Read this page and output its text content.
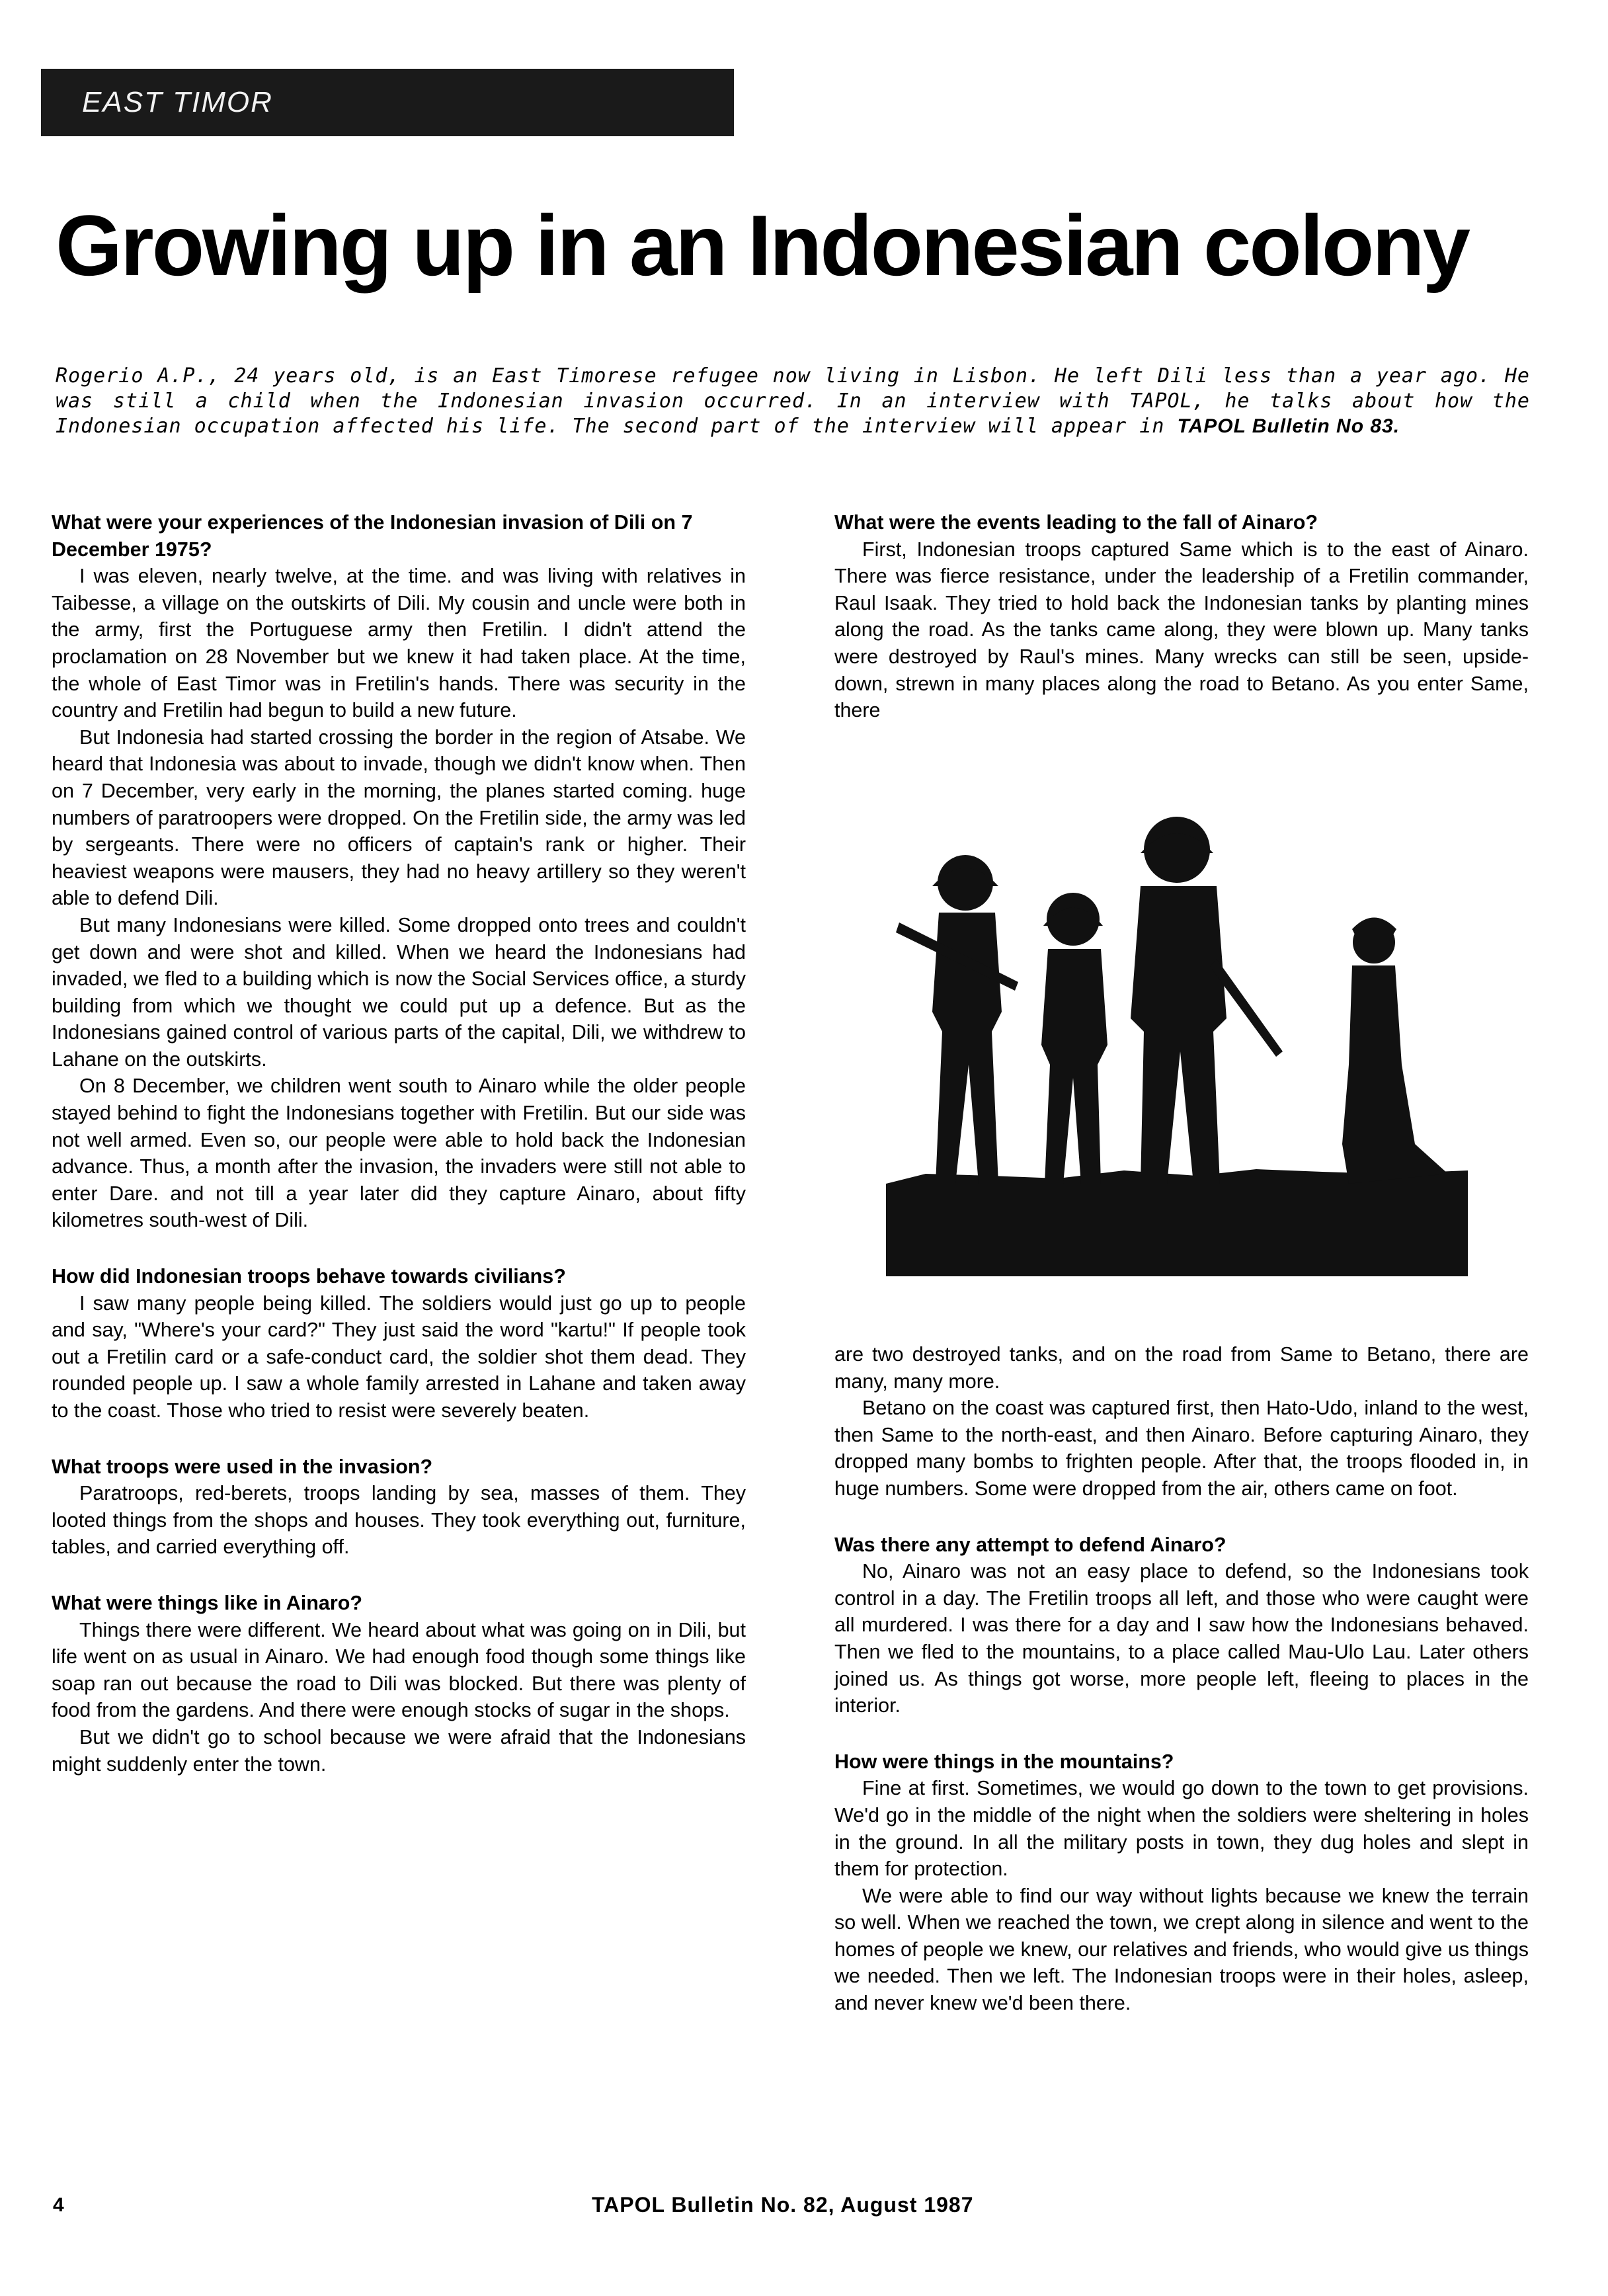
EAST TIMOR
Growing up in an Indonesian colony

Rogerio A.P., 24 years old, is an East Timorese refugee now living in Lisbon. He left Dili less than a year ago. He was still a child when the Indonesian invasion occurred. In an interview with TAPOL, he talks about how the Indonesian occupation affected his life. The second part of the interview will appear in TAPOL Bulletin No 83.

What were your experiences of the Indonesian invasion of Dili on 7 December 1975?

I was eleven, nearly twelve, at the time. and was living with relatives in Taibesse, a village on the outskirts of Dili. My cousin and uncle were both in the army, first the Portuguese army then Fretilin. I didn't attend the proclamation on 28 November but we knew it had taken place. At the time, the whole of East Timor was in Fretilin's hands. There was security in the country and Fretilin had begun to build a new future.

But Indonesia had started crossing the border in the region of Atsabe. We heard that Indonesia was about to invade, though we didn't know when. Then on 7 December, very early in the morning, the planes started coming. huge numbers of paratroopers were dropped. On the Fretilin side, the army was led by sergeants. There were no officers of captain's rank or higher. Their heaviest weapons were mausers, they had no heavy artillery so they weren't able to defend Dili.

But many Indonesians were killed. Some dropped onto trees and couldn't get down and were shot and killed. When we heard the Indonesians had invaded, we fled to a building which is now the Social Services office, a sturdy building from which we thought we could put up a defence. But as the Indonesians gained control of various parts of the capital, Dili, we withdrew to Lahane on the outskirts.

On 8 December, we children went south to Ainaro while the older people stayed behind to fight the Indonesians together with Fretilin. But our side was not well armed. Even so, our people were able to hold back the Indonesian advance. Thus, a month after the invasion, the invaders were still not able to enter Dare. and not till a year later did they capture Ainaro, about fifty kilometres south-west of Dili.

How did Indonesian troops behave towards civilians?

I saw many people being killed. The soldiers would just go up to people and say, "Where's your card?" They just said the word "kartu!" If people took out a Fretilin card or a safe-conduct card, the soldier shot them dead. They rounded people up. I saw a whole family arrested in Lahane and taken away to the coast. Those who tried to resist were severely beaten.

What troops were used in the invasion?

Paratroops, red-berets, troops landing by sea, masses of them. They looted things from the shops and houses. They took everything out, furniture, tables, and carried everything off.

What were things like in Ainaro?

Things there were different. We heard about what was going on in Dili, but life went on as usual in Ainaro. We had enough food though some things like soap ran out because the road to Dili was blocked. But there was plenty of food from the gardens. And there were enough stocks of sugar in the shops.

But we didn't go to school because we were afraid that the Indonesians might suddenly enter the town.

What were the events leading to the fall of Ainaro?

First, Indonesian troops captured Same which is to the east of Ainaro. There was fierce resistance, under the leadership of a Fretilin commander, Raul Isaak. They tried to hold back the Indonesian tanks by planting mines along the road. As the tanks came along, they were blown up. Many tanks were destroyed by Raul's mines. Many wrecks can still be seen, upside-down, strewn in many places along the road to Betano. As you enter Same, there

are two destroyed tanks, and on the road from Same to Betano, there are many, many more.

Betano on the coast was captured first, then Hato-Udo, inland to the west, then Same to the north-east, and then Ainaro. Before capturing Ainaro, they dropped many bombs to frighten people. After that, the troops flooded in, in huge numbers. Some were dropped from the air, others came on foot.

Was there any attempt to defend Ainaro?

No, Ainaro was not an easy place to defend, so the Indonesians took control in a day. The Fretilin troops all left, and those who were caught were all murdered. I was there for a day and I saw how the Indonesians behaved. Then we fled to the mountains, to a place called Mau-Ulo Lau. Later others joined us. As things got worse, more people left, fleeing to places in the interior.

How were things in the mountains?

Fine at first. Sometimes, we would go down to the town to get provisions. We'd go in the middle of the night when the soldiers were sheltering in holes in the ground. In all the military posts in town, they dug holes and slept in them for protection.

We were able to find our way without lights because we knew the terrain so well. When we reached the town, we crept along in silence and went to the homes of people we knew, our relatives and friends, who would give us things we needed. Then we left. The Indonesian troops were in their holes, asleep, and never knew we'd been there.

4	TAPOL Bulletin No. 82, August 1987
